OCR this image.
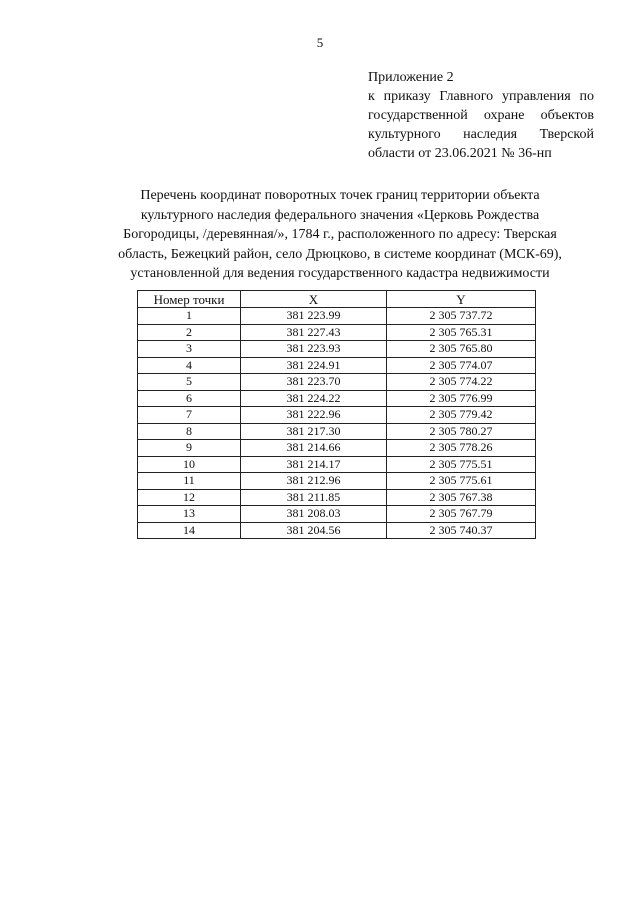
5
Приложение 2
к приказу Главного управления по
государственной охране объектов
культурного наследия Тверской
области от 23.06.2021 № 36-нп
Перечень координат поворотных точек границ территории объекта
культурного наследия федерального значения «Церковь Рождества
Богородицы, /деревянная/», 1784 г., расположенного по адресу: Тверская
область, Бежецкий район, село Дрюцково, в системе координат (МСК-69),
установленной для ведения государственного кадастра недвижимости
Номер точки	X	Y
1	381 223.99	2 305 737.72
2	381 227.43	2 305 765.31
3	381 223.93	2 305 765.80
4	381 224.91	2 305 774.07
5	381 223.70	2 305 774.22
6	381 224.22	2 305 776.99
7	381 222.96	2 305 779.42
8	381 217.30	2 305 780.27
9	381 214.66	2 305 778.26
10	381 214.17	2 305 775.51
11	381 212.96	2 305 775.61
12	381 211.85	2 305 767.38
13	381 208.03	2 305 767.79
14	381 204.56	2 305 740.37
